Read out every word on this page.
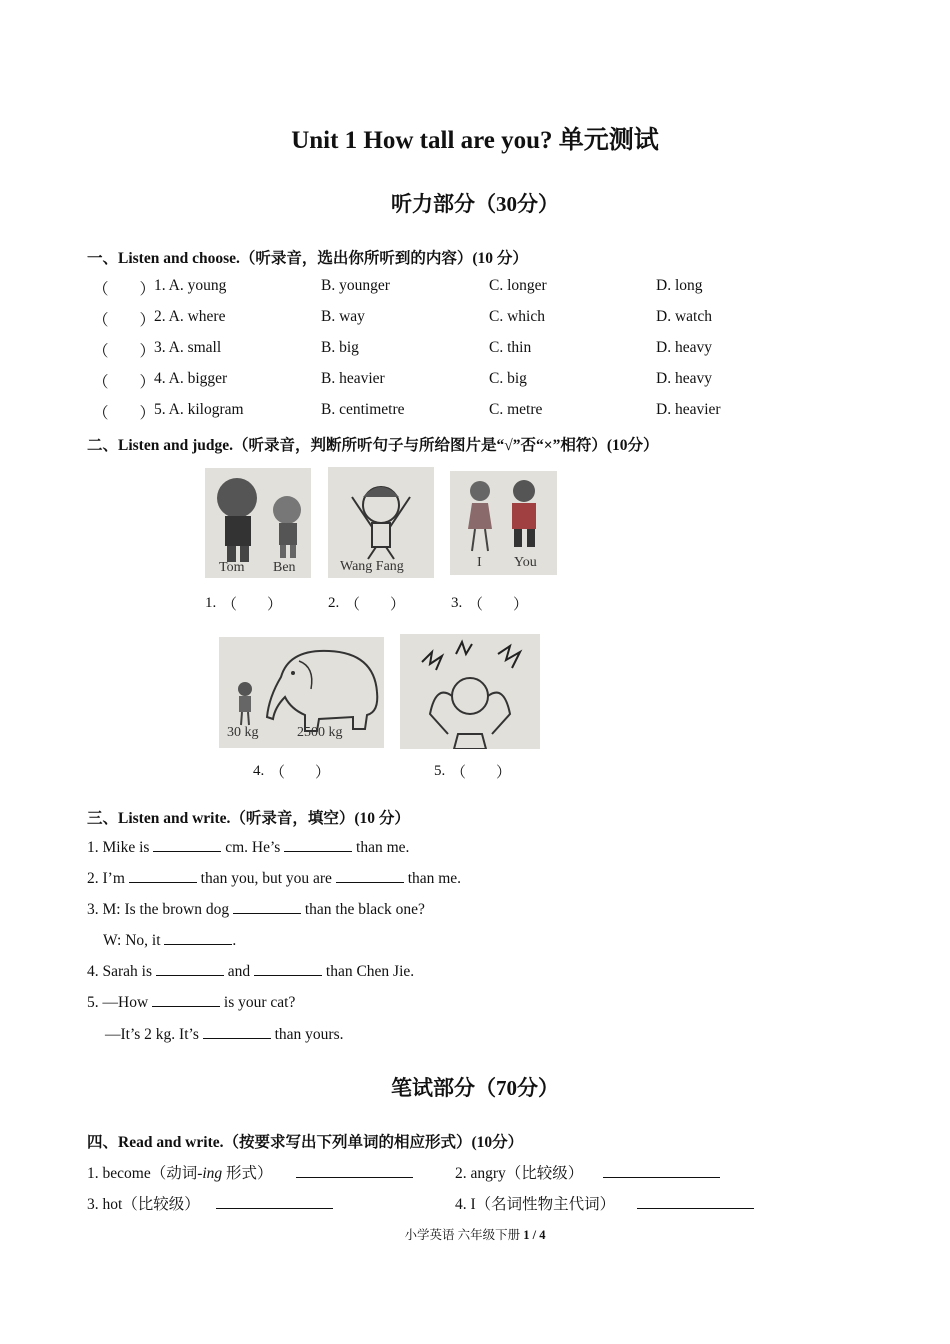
Unit 1 How tall are you? 单元测试
听力部分（30分）
一、Listen and choose.（听录音，选出你所听到的内容）(10 分）
（　　）
1. A. young	B. younger	C. longer	D. long
（　　）
2. A. where	B. way	C. which	D. watch
（　　）
3. A. small	B. big	C. thin	D. heavy
（　　）
4. A. bigger	B. heavier	C. big	D. heavy
（　　）
5. A. kilogram	B. centimetre	C. metre	D. heavier
二、Listen and judge.（听录音，判断所听句子与所给图片是“√”否“×”相符）(10分）
Tom Ben	Wang Fang	I You
1. （　　）	2. （　　）	3. （　　）
30 kg	2500 kg
4. （　　）	5. （　　）
三、Listen and write.（听录音，填空）(10 分）
1. Mike is	cm. He’s	than me.
2. I’m	than you, but you are	than me.
3. M: Is the brown dog	than the black one?
W: No, it	.
4. Sarah is	and	than Chen Jie.
5. —How	is your cat?
—It’s 2 kg. It’s	than yours.
笔试部分（70分）
四、Read and write.（按要求写出下列单词的相应形式）(10分）
1. become（动词-ing 形式）	2. angry（比较级）
3. hot（比较级）	4. I（名词性物主代词）
小学英语 六年级下册 1 / 4
